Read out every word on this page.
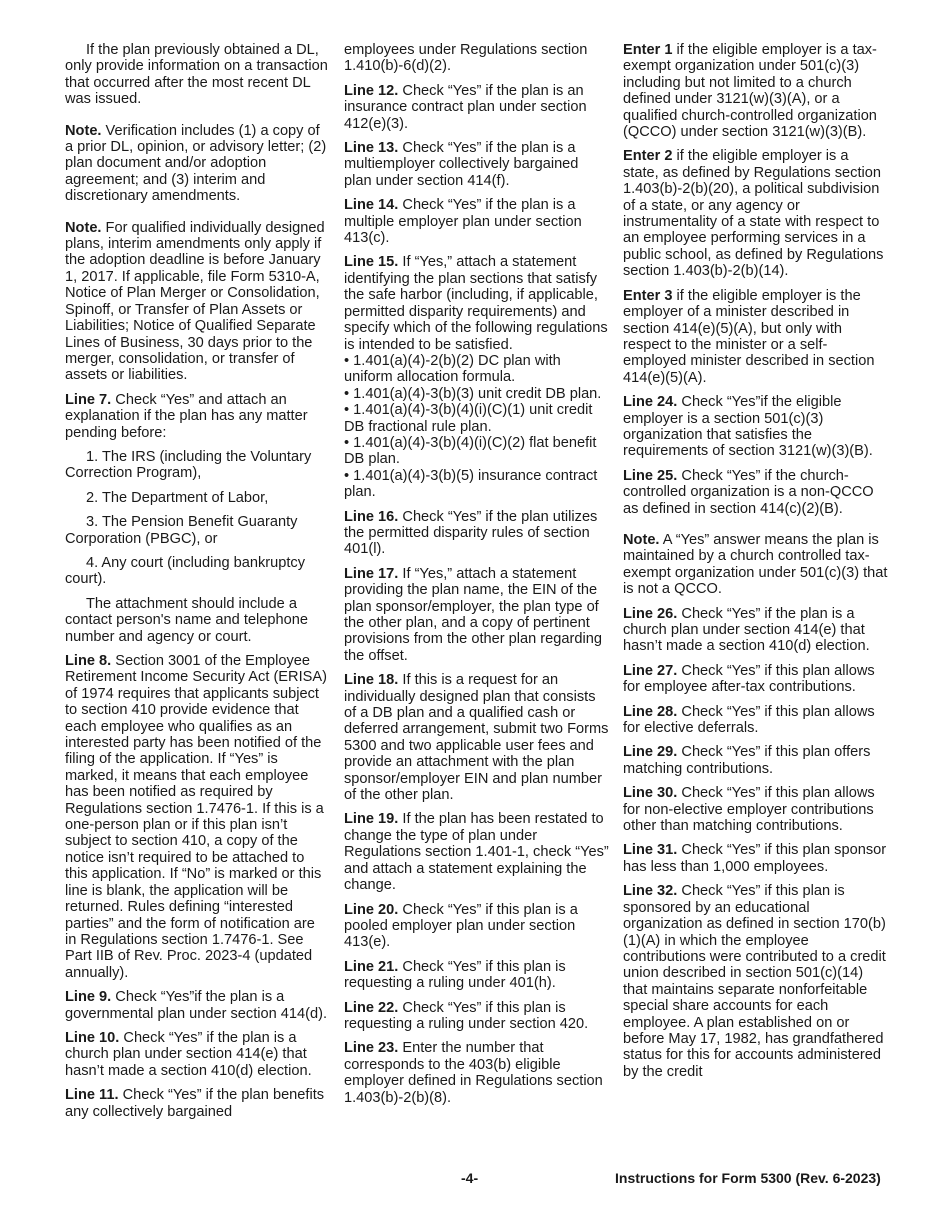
If the plan previously obtained a DL, only provide information on a transaction that occurred after the most recent DL was issued.

Note. Verification includes (1) a copy of a prior DL, opinion, or advisory letter; (2) plan document and/or adoption agreement; and (3) interim and discretionary amendments.

Note. For qualified individually designed plans, interim amendments only apply if the adoption deadline is before January 1, 2017. If applicable, file Form 5310-A, Notice of Plan Merger or Consolidation, Spinoff, or Transfer of Plan Assets or Liabilities; Notice of Qualified Separate Lines of Business, 30 days prior to the merger, consolidation, or transfer of assets or liabilities.

Line 7. Check “Yes” and attach an explanation if the plan has any matter pending before:

1. The IRS (including the Voluntary Correction Program),

2. The Department of Labor,

3. The Pension Benefit Guaranty Corporation (PBGC), or

4. Any court (including bankruptcy court).

The attachment should include a contact person's name and telephone number and agency or court.

Line 8. Section 3001 of the Employee Retirement Income Security Act (ERISA) of 1974 requires that applicants subject to section 410 provide evidence that each employee who qualifies as an interested party has been notified of the filing of the application. If “Yes” is marked, it means that each employee has been notified as required by Regulations section 1.7476-1. If this is a one-person plan or if this plan isn’t subject to section 410, a copy of the notice isn’t required to be attached to this application. If “No” is marked or this line is blank, the application will be returned. Rules defining “interested parties” and the form of notification are in Regulations section 1.7476-1. See Part IIB of Rev. Proc. 2023-4 (updated annually).

Line 9. Check “Yes”if the plan is a governmental plan under section 414(d).

Line 10. Check “Yes” if the plan is a church plan under section 414(e) that hasn’t made a section 410(d) election.

Line 11. Check “Yes” if the plan benefits any collectively bargained

employees under Regulations section 1.410(b)-6(d)(2).

Line 12. Check “Yes” if the plan is an insurance contract plan under section 412(e)(3).

Line 13. Check “Yes” if the plan is a multiemployer collectively bargained plan under section 414(f).

Line 14. Check “Yes” if the plan is a multiple employer plan under section 413(c).

Line 15. If “Yes,” attach a statement identifying the plan sections that satisfy the safe harbor (including, if applicable, permitted disparity requirements) and specify which of the following regulations is intended to be satisfied.

• 1.401(a)(4)-2(b)(2) DC plan with uniform allocation formula.

• 1.401(a)(4)-3(b)(3) unit credit DB plan.

• 1.401(a)(4)-3(b)(4)(i)(C)(1) unit credit DB fractional rule plan.

• 1.401(a)(4)-3(b)(4)(i)(C)(2) flat benefit DB plan.

• 1.401(a)(4)-3(b)(5) insurance contract plan.

Line 16. Check “Yes” if the plan utilizes the permitted disparity rules of section 401(l).

Line 17. If “Yes,” attach a statement providing the plan name, the EIN of the plan sponsor/employer, the plan type of the other plan, and a copy of pertinent provisions from the other plan regarding the offset.

Line 18. If this is a request for an individually designed plan that consists of a DB plan and a qualified cash or deferred arrangement, submit two Forms 5300 and two applicable user fees and provide an attachment with the plan sponsor/employer EIN and plan number of the other plan.

Line 19. If the plan has been restated to change the type of plan under Regulations section 1.401-1, check “Yes” and attach a statement explaining the change.

Line 20. Check “Yes” if this plan is a pooled employer plan under section 413(e).

Line 21. Check “Yes” if this plan is requesting a ruling under 401(h).

Line 22. Check “Yes” if this plan is requesting a ruling under section 420.

Line 23. Enter the number that corresponds to the 403(b) eligible employer defined in Regulations section 1.403(b)-2(b)(8).

Enter 1 if the eligible employer is a tax-exempt organization under 501(c)(3) including but not limited to a church defined under 3121(w)(3)(A), or a qualified church-controlled organization (QCCO) under section 3121(w)(3)(B).

Enter 2 if the eligible employer is a state, as defined by Regulations section 1.403(b)-2(b)(20), a political subdivision of a state, or any agency or instrumentality of a state with respect to an employee performing services in a public school, as defined by Regulations section 1.403(b)-2(b)(14).

Enter 3 if the eligible employer is the employer of a minister described in section 414(e)(5)(A), but only with respect to the minister or a self-employed minister described in section 414(e)(5)(A).

Line 24. Check “Yes”if the eligible employer is a section 501(c)(3) organization that satisfies the requirements of section 3121(w)(3)(B).

Line 25. Check “Yes” if the church-controlled organization is a non-QCCO as defined in section 414(c)(2)(B).

Note. A “Yes” answer means the plan is maintained by a church controlled tax-exempt organization under 501(c)(3) that is not a QCCO.

Line 26. Check “Yes” if the plan is a church plan under section 414(e) that hasn’t made a section 410(d) election.

Line 27. Check “Yes” if this plan allows for employee after-tax contributions.

Line 28. Check “Yes” if this plan allows for elective deferrals.

Line 29. Check “Yes” if this plan offers matching contributions.

Line 30. Check “Yes” if this plan allows for non-elective employer contributions other than matching contributions.

Line 31. Check “Yes” if this plan sponsor has less than 1,000 employees.

Line 32. Check “Yes” if this plan is sponsored by an educational organization as defined in section 170(b)(1)(A) in which the employee contributions were contributed to a credit union described in section 501(c)(14) that maintains separate nonforfeitable special share accounts for each employee. A plan established on or before May 17, 1982, has grandfathered status for this for accounts administered by the credit

-4-	Instructions for Form 5300 (Rev. 6-2023)
